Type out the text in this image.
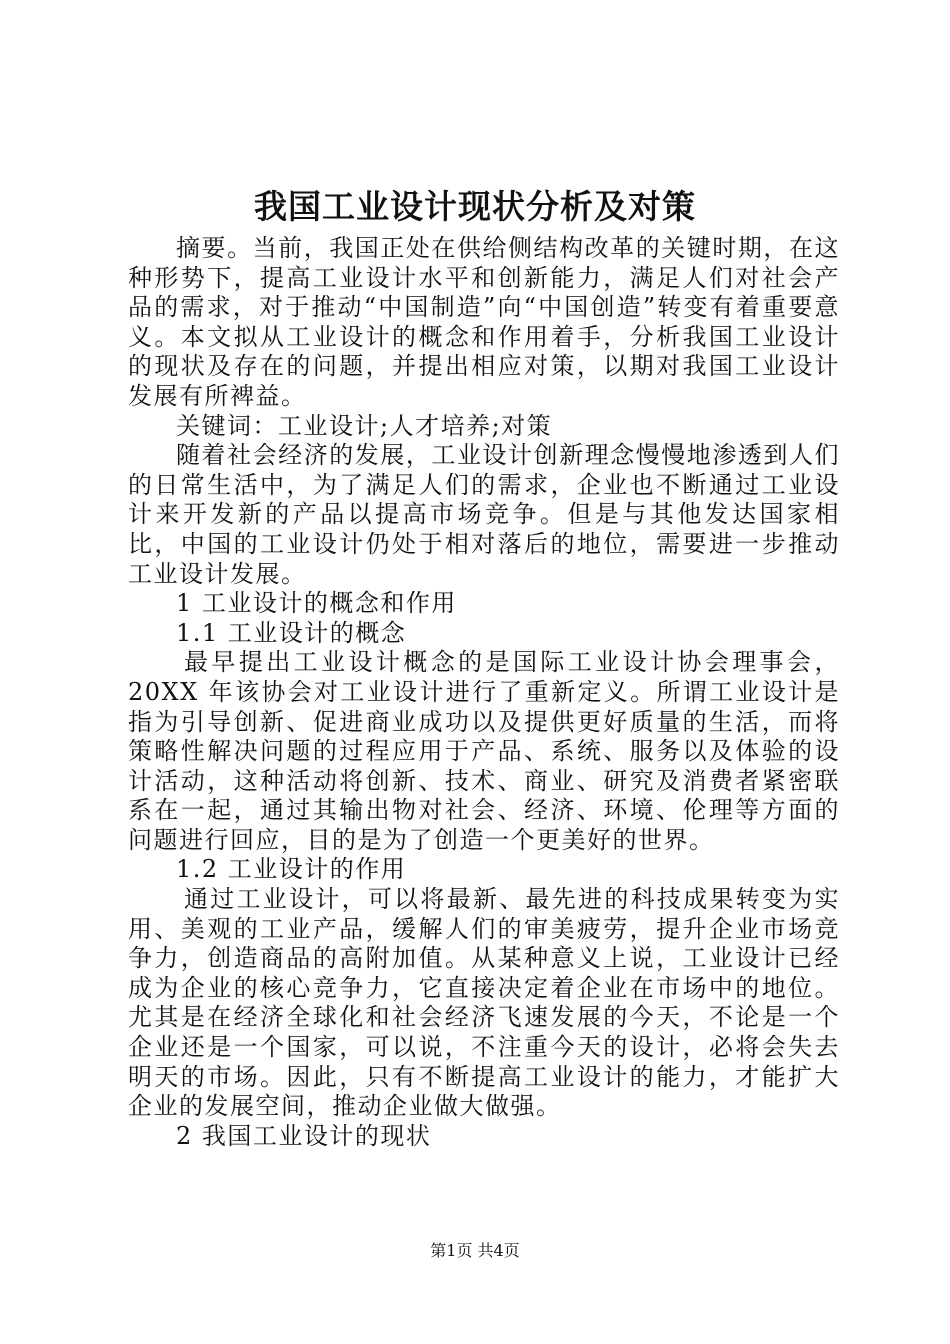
我国工业设计现状分析及对策

摘要。当前，我国正处在供给侧结构改革的关键时期，在这种形势下，提高工业设计水平和创新能力，满足人们对社会产品的需求，对于推动“中国制造”向“中国创造”转变有着重要意义。本文拟从工业设计的概念和作用着手，分析我国工业设计的现状及存在的问题，并提出相应对策，以期对我国工业设计发展有所裨益。

关键词：工业设计;人才培养;对策

随着社会经济的发展，工业设计创新理念慢慢地渗透到人们的日常生活中，为了满足人们的需求，企业也不断通过工业设计来开发新的产品以提高市场竞争。但是与其他发达国家相比，中国的工业设计仍处于相对落后的地位，需要进一步推动工业设计发展。

1 工业设计的概念和作用

1.1 工业设计的概念

最早提出工业设计概念的是国际工业设计协会理事会，20XX 年该协会对工业设计进行了重新定义。所谓工业设计是指为引导创新、促进商业成功以及提供更好质量的生活，而将策略性解决问题的过程应用于产品、系统、服务以及体验的设计活动，这种活动将创新、技术、商业、研究及消费者紧密联系在一起，通过其输出物对社会、经济、环境、伦理等方面的问题进行回应，目的是为了创造一个更美好的世界。

1.2 工业设计的作用

通过工业设计，可以将最新、最先进的科技成果转变为实用、美观的工业产品，缓解人们的审美疲劳，提升企业市场竞争力，创造商品的高附加值。从某种意义上说，工业设计已经成为企业的核心竞争力，它直接决定着企业在市场中的地位。尤其是在经济全球化和社会经济飞速发展的今天，不论是一个企业还是一个国家，可以说，不注重今天的设计，必将会失去明天的市场。因此，只有不断提高工业设计的能力，才能扩大企业的发展空间，推动企业做大做强。

2 我国工业设计的现状

第1页 共4页
